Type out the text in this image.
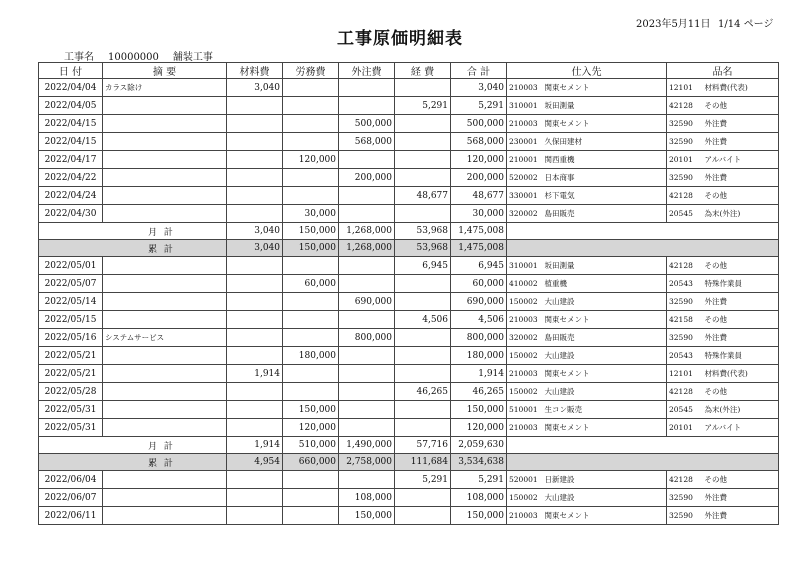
工事原価明細表
2023年5月11日 1/14 ページ
工事名 10000000 舗装工事
日 付	摘 要	材料費	労務費	外注費	経 費	合 計	仕入先		品名	
2022/04/04	カラス除け	3,040				3,040	210003	関東セメント	12101	材料費(代表)
2022/04/05					5,291	5,291	310001	坂田測量	42128	その他
2022/04/15				500,000		500,000	210003	関東セメント	32590	外注費
2022/04/15				568,000		568,000	230001	久保田建材	32590	外注費
2022/04/17			120,000			120,000	210001	関西重機	20101	アルバイト
2022/04/22				200,000		200,000	520002	日本商事	32590	外注費
2022/04/24					48,677	48,677	330001	杉下電気	42128	その他
2022/04/30			30,000			30,000	320002	島田販売	20545	為末(外注)
月 計		3,040	150,000	1,268,000	53,968	1,475,008				
累 計		3,040	150,000	1,268,000	53,968	1,475,008				
2022/05/01					6,945	6,945	310001	坂田測量	42128	その他
2022/05/07			60,000			60,000	410002	植重機	20543	特殊作業員
2022/05/14				690,000		690,000	150002	大山建設	32590	外注費
2022/05/15					4,506	4,506	210003	関東セメント	42158	その他
2022/05/16	システムサービス			800,000		800,000	320002	島田販売	32590	外注費
2022/05/21			180,000			180,000	150002	大山建設	20543	特殊作業員
2022/05/21		1,914				1,914	210003	関東セメント	12101	材料費(代表)
2022/05/28					46,265	46,265	150002	大山建設	42128	その他
2022/05/31			150,000			150,000	510001	生コン販売	20545	為末(外注)
2022/05/31			120,000			120,000	210003	関東セメント	20101	アルバイト
月 計		1,914	510,000	1,490,000	57,716	2,059,630				
累 計		4,954	660,000	2,758,000	111,684	3,534,638				
2022/06/04					5,291	5,291	520001	日新建設	42128	その他
2022/06/07				108,000		108,000	150002	大山建設	32590	外注費
2022/06/11				150,000		150,000	210003	関東セメント	32590	外注費
